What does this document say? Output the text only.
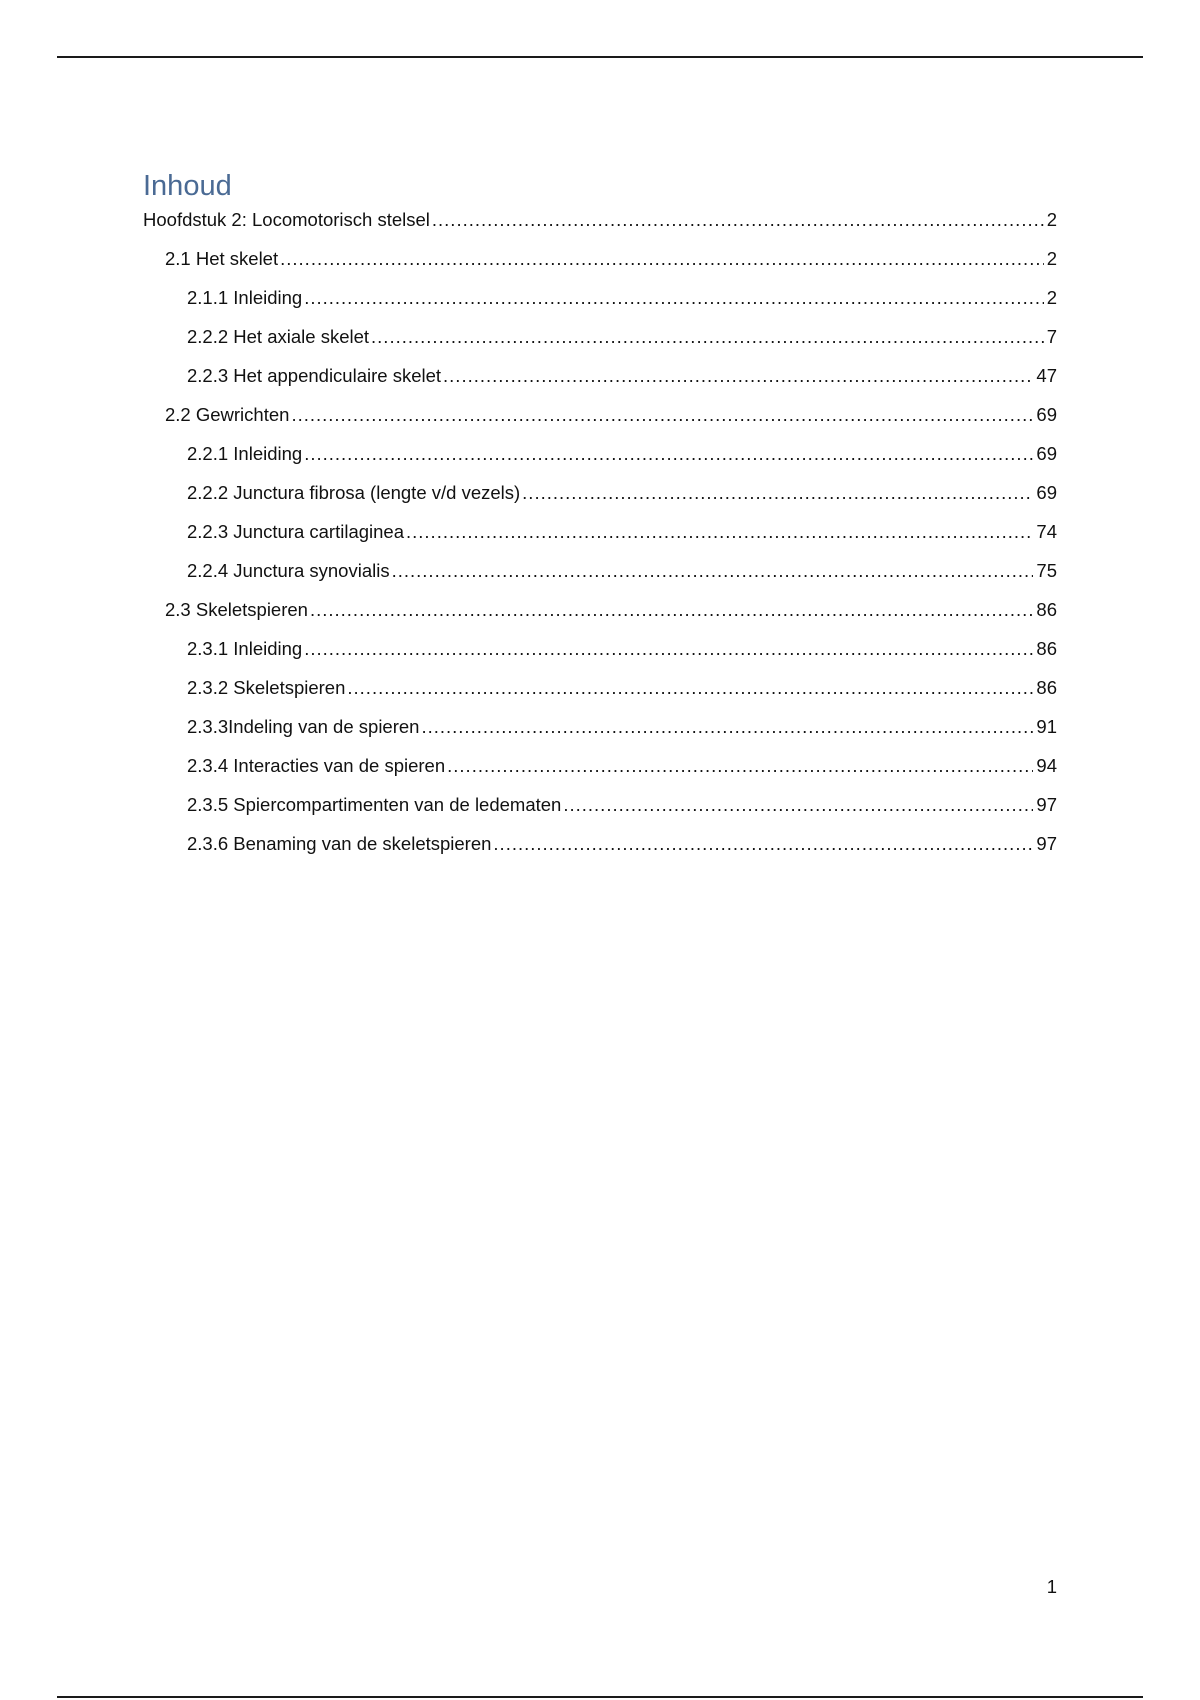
Inhoud
Hoofdstuk 2: Locomotorisch stelsel .....	2
2.1 Het skelet .....	2
2.1.1 Inleiding .....	2
2.2.2 Het axiale skelet .....	7
2.2.3 Het appendiculaire skelet .....	47
2.2 Gewrichten .....	69
2.2.1 Inleiding .....	69
2.2.2 Junctura fibrosa (lengte v/d vezels) .....	69
2.2.3 Junctura cartilaginea .....	74
2.2.4 Junctura synovialis .....	75
2.3 Skeletspieren .....	86
2.3.1 Inleiding .....	86
2.3.2 Skeletspieren .....	86
2.3.3Indeling van de spieren .....	91
2.3.4 Interacties van de spieren .....	94
2.3.5 Spiercompartimenten van de ledematen .....	97
2.3.6 Benaming van de skeletspieren .....	97
1
